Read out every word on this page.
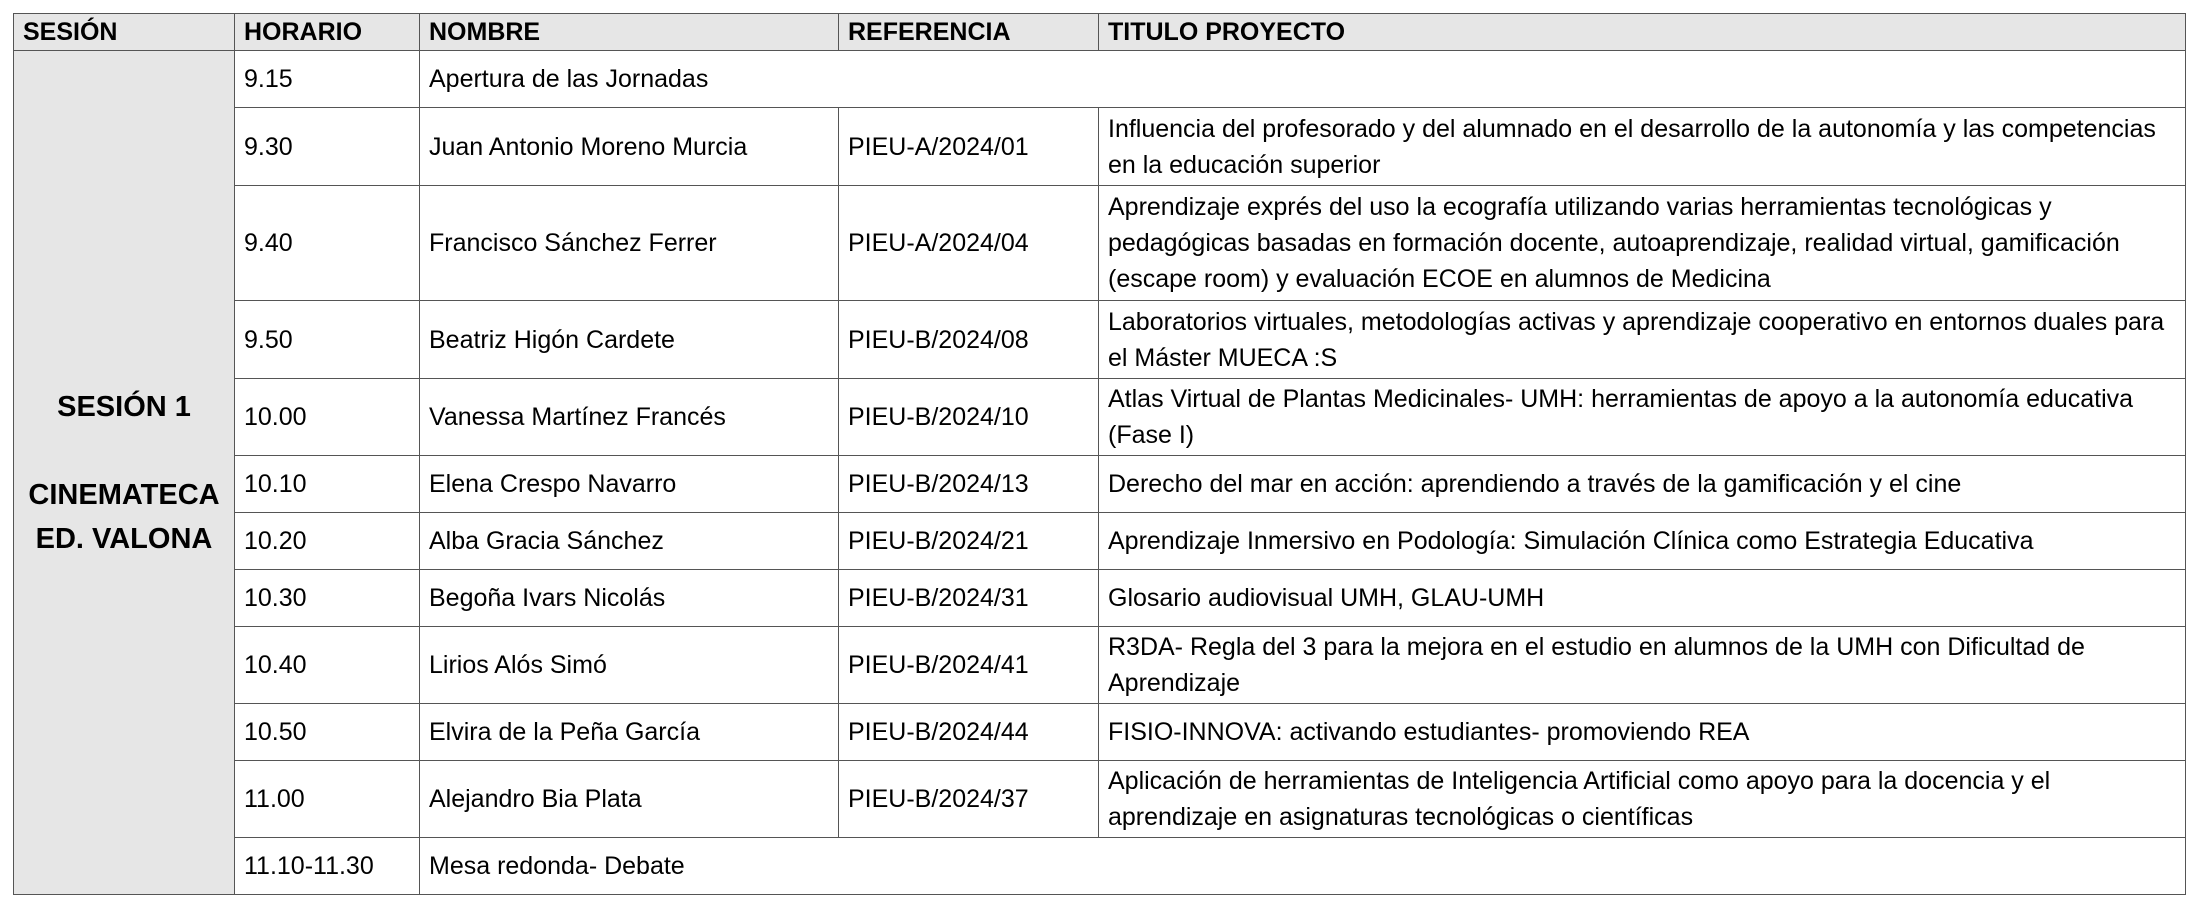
SESIÓN	HORARIO	NOMBRE	REFERENCIA	TITULO PROYECTO

SESIÓN 1
CINEMATECA
ED. VALONA	9.15	Apertura de las Jornadas		
	9.30	Juan Antonio Moreno Murcia	PIEU-A/2024/01	Influencia del profesorado y del alumnado en el desarrollo de la autonomía y las competencias en la educación superior
	9.40	Francisco Sánchez Ferrer	PIEU-A/2024/04	Aprendizaje exprés del uso la ecografía utilizando varias herramientas tecnológicas y pedagógicas basadas en formación docente, autoaprendizaje, realidad virtual, gamificación (escape room) y evaluación ECOE en alumnos de Medicina
	9.50	Beatriz Higón Cardete	PIEU-B/2024/08	Laboratorios virtuales, metodologías activas y aprendizaje cooperativo en entornos duales para el Máster MUECA :S
	10.00	Vanessa Martínez Francés	PIEU-B/2024/10	Atlas Virtual de Plantas Medicinales- UMH: herramientas de apoyo a la autonomía educativa (Fase I)
	10.10	Elena Crespo Navarro	PIEU-B/2024/13	Derecho del mar en acción: aprendiendo a través de la gamificación y el cine
	10.20	Alba Gracia Sánchez	PIEU-B/2024/21	Aprendizaje Inmersivo en Podología: Simulación Clínica como Estrategia Educativa
	10.30	Begoña Ivars Nicolás	PIEU-B/2024/31	Glosario audiovisual UMH, GLAU-UMH
	10.40	Lirios Alós Simó	PIEU-B/2024/41	R3DA- Regla del 3 para la mejora en el estudio en alumnos de la UMH con Dificultad de Aprendizaje
	10.50	Elvira de la Peña García	PIEU-B/2024/44	FISIO-INNOVA: activando estudiantes- promoviendo REA
	11.00	Alejandro Bia Plata	PIEU-B/2024/37	Aplicación de herramientas de Inteligencia Artificial como apoyo para la docencia y el aprendizaje en asignaturas tecnológicas o científicas
	11.10-11.30	Mesa redonda- Debate		
